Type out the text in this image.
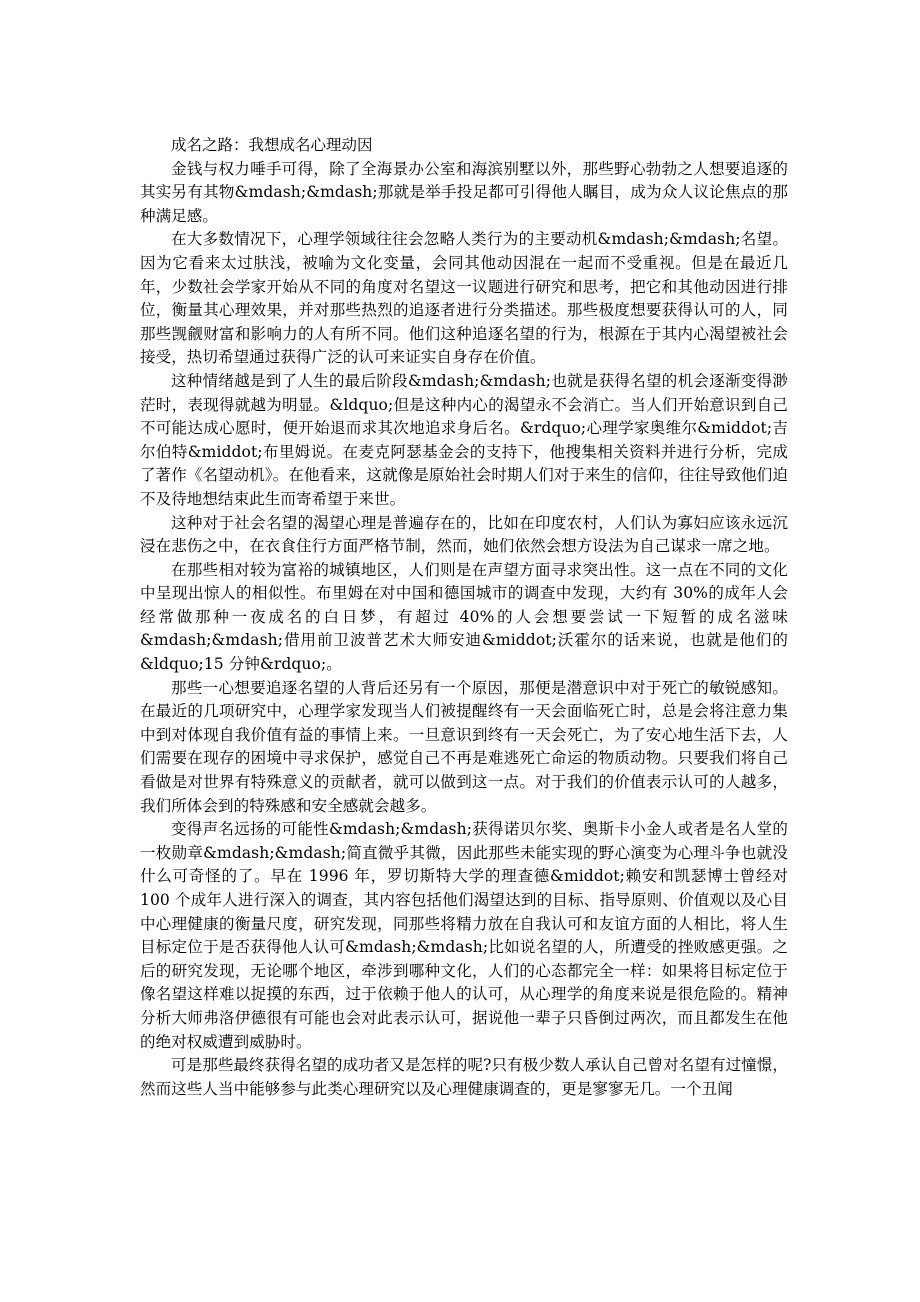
成名之路：我想成名心理动因

金钱与权力唾手可得，除了全海景办公室和海滨别墅以外，那些野心勃勃之人想要追逐的其实另有其物&mdash;&mdash;那就是举手投足都可引得他人瞩目，成为众人议论焦点的那种满足感。

在大多数情况下，心理学领域往往会忽略人类行为的主要动机&mdash;&mdash;名望。因为它看来太过肤浅，被喻为文化变量，会同其他动因混在一起而不受重视。但是在最近几年，少数社会学家开始从不同的角度对名望这一议题进行研究和思考，把它和其他动因进行排位，衡量其心理效果，并对那些热烈的追逐者进行分类描述。那些极度想要获得认可的人，同那些觊觎财富和影响力的人有所不同。他们这种追逐名望的行为，根源在于其内心渴望被社会接受，热切希望通过获得广泛的认可来证实自身存在价值。

这种情绪越是到了人生的最后阶段&mdash;&mdash;也就是获得名望的机会逐渐变得渺茫时，表现得就越为明显。&ldquo;但是这种内心的渴望永不会消亡。当人们开始意识到自己不可能达成心愿时，便开始退而求其次地追求身后名。&rdquo;心理学家奥维尔&middot;吉尔伯特&middot;布里姆说。在麦克阿瑟基金会的支持下，他搜集相关资料并进行分析，完成了著作《名望动机》。在他看来，这就像是原始社会时期人们对于来生的信仰，往往导致他们迫不及待地想结束此生而寄希望于来世。

这种对于社会名望的渴望心理是普遍存在的，比如在印度农村，人们认为寡妇应该永远沉浸在悲伤之中，在衣食住行方面严格节制，然而，她们依然会想方设法为自己谋求一席之地。

在那些相对较为富裕的城镇地区，人们则是在声望方面寻求突出性。这一点在不同的文化中呈现出惊人的相似性。布里姆在对中国和德国城市的调查中发现，大约有 30%的成年人会经常做那种一夜成名的白日梦，有超过 40%的人会想要尝试一下短暂的成名滋味&mdash;&mdash;借用前卫波普艺术大师安迪&middot;沃霍尔的话来说，也就是他们的&ldquo;15 分钟&rdquo;。

那些一心想要追逐名望的人背后还另有一个原因，那便是潜意识中对于死亡的敏锐感知。在最近的几项研究中，心理学家发现当人们被提醒终有一天会面临死亡时，总是会将注意力集中到对体现自我价值有益的事情上来。一旦意识到终有一天会死亡，为了安心地生活下去，人们需要在现存的困境中寻求保护，感觉自己不再是难逃死亡命运的物质动物。只要我们将自己看做是对世界有特殊意义的贡献者，就可以做到这一点。对于我们的价值表示认可的人越多，我们所体会到的特殊感和安全感就会越多。

变得声名远扬的可能性&mdash;&mdash;获得诺贝尔奖、奥斯卡小金人或者是名人堂的一枚勋章&mdash;&mdash;简直微乎其微，因此那些未能实现的野心演变为心理斗争也就没什么可奇怪的了。早在 1996 年，罗切斯特大学的理查德&middot;赖安和凯瑟博士曾经对 100 个成年人进行深入的调查，其内容包括他们渴望达到的目标、指导原则、价值观以及心目中心理健康的衡量尺度，研究发现，同那些将精力放在自我认可和友谊方面的人相比，将人生目标定位于是否获得他人认可&mdash;&mdash;比如说名望的人，所遭受的挫败感更强。之后的研究发现，无论哪个地区，牵涉到哪种文化，人们的心态都完全一样：如果将目标定位于像名望这样难以捉摸的东西，过于依赖于他人的认可，从心理学的角度来说是很危险的。精神分析大师弗洛伊德很有可能也会对此表示认可，据说他一辈子只昏倒过两次，而且都发生在他的绝对权威遭到威胁时。

可是那些最终获得名望的成功者又是怎样的呢?只有极少数人承认自己曾对名望有过憧憬，然而这些人当中能够参与此类心理研究以及心理健康调查的，更是寥寥无几。一个丑闻
